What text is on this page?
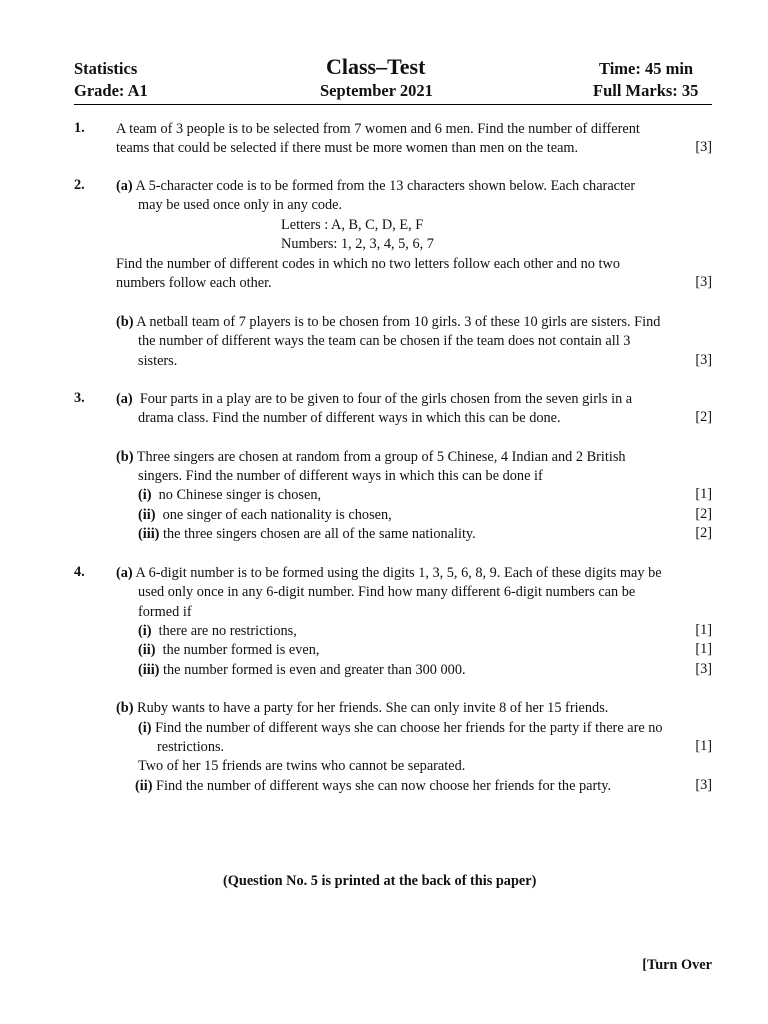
Statistics
Grade: A1
Class–Test
September 2021
Time: 45 min
Full Marks: 35
1. A team of 3 people is to be selected from 7 women and 6 men. Find the number of different
teams that could be selected if there must be more women than men on the team.	[3]
2. (a) A 5-character code is to be formed from the 13 characters shown below. Each character
may be used once only in any code.
Letters : A, B, C, D, E, F
Numbers: 1, 2, 3, 4, 5, 6, 7
Find the number of different codes in which no two letters follow each other and no two
numbers follow each other.	[3]
(b) A netball team of 7 players is to be chosen from 10 girls. 3 of these 10 girls are sisters. Find
the number of different ways the team can be chosen if the team does not contain all 3
sisters.	[3]
3. (a)  Four parts in a play are to be given to four of the girls chosen from the seven girls in a
drama class. Find the number of different ways in which this can be done.	[2]
(b) Three singers are chosen at random from a group of 5 Chinese, 4 Indian and 2 British
singers. Find the number of different ways in which this can be done if
(i)  no Chinese singer is chosen,	[1]
(ii)  one singer of each nationality is chosen,	[2]
(iii) the three singers chosen are all of the same nationality.	[2]
4. (a) A 6-digit number is to be formed using the digits 1, 3, 5, 6, 8, 9. Each of these digits may be
used only once in any 6-digit number. Find how many different 6-digit numbers can be
formed if
(i)  there are no restrictions,	[1]
(ii)  the number formed is even,	[1]
(iii) the number formed is even and greater than 300 000.	[3]
(b) Ruby wants to have a party for her friends. She can only invite 8 of her 15 friends.
(i) Find the number of different ways she can choose her friends for the party if there are no
restrictions.	[1]
Two of her 15 friends are twins who cannot be separated.
(ii) Find the number of different ways she can now choose her friends for the party.	[3]
(Question No. 5 is printed at the back of this paper)
[Turn Over
